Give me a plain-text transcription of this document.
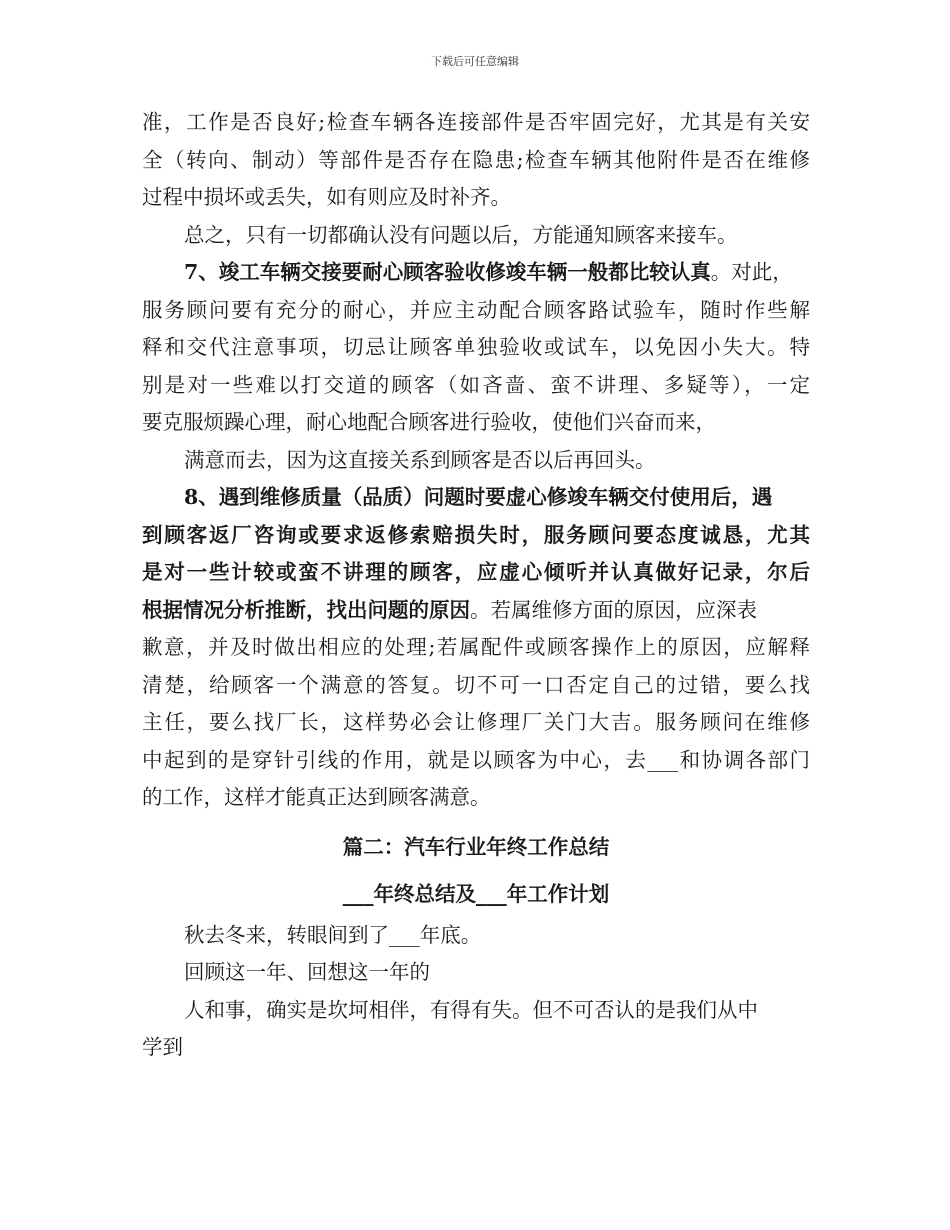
下载后可任意编辑
准，工作是否良好;检查车辆各连接部件是否牢固完好，尤其是有关安
全（转向、制动）等部件是否存在隐患;检查车辆其他附件是否在维修
过程中损坏或丢失，如有则应及时补齐。
总之，只有一切都确认没有问题以后，方能通知顾客来接车。
7、竣工车辆交接要耐心顾客验收修竣车辆一般都比较认真。对此，
服务顾问要有充分的耐心，并应主动配合顾客路试验车，随时作些解
释和交代注意事项，切忌让顾客单独验收或试车，以免因小失大。特
别是对一些难以打交道的顾客（如吝啬、蛮不讲理、多疑等），一定
要克服烦躁心理，耐心地配合顾客进行验收，使他们兴奋而来，
满意而去，因为这直接关系到顾客是否以后再回头。
8、遇到维修质量（品质）问题时要虚心修竣车辆交付使用后，遇
到顾客返厂咨询或要求返修索赔损失时，服务顾问要态度诚恳，尤其
是对一些计较或蛮不讲理的顾客，应虚心倾听并认真做好记录，尔后
根据情况分析推断，找出问题的原因。若属维修方面的原因，应深表
歉意，并及时做出相应的处理;若属配件或顾客操作上的原因，应解释
清楚，给顾客一个满意的答复。切不可一口否定自己的过错，要么找
主任，要么找厂长，这样势必会让修理厂关门大吉。服务顾问在维修
中起到的是穿针引线的作用，就是以顾客为中心，去___和协调各部门
的工作，这样才能真正达到顾客满意。
篇二：汽车行业年终工作总结
___年终总结及___年工作计划
秋去冬来，转眼间到了___年底。
回顾这一年、回想这一年的
人和事，确实是坎坷相伴，有得有失。但不可否认的是我们从中
学到
